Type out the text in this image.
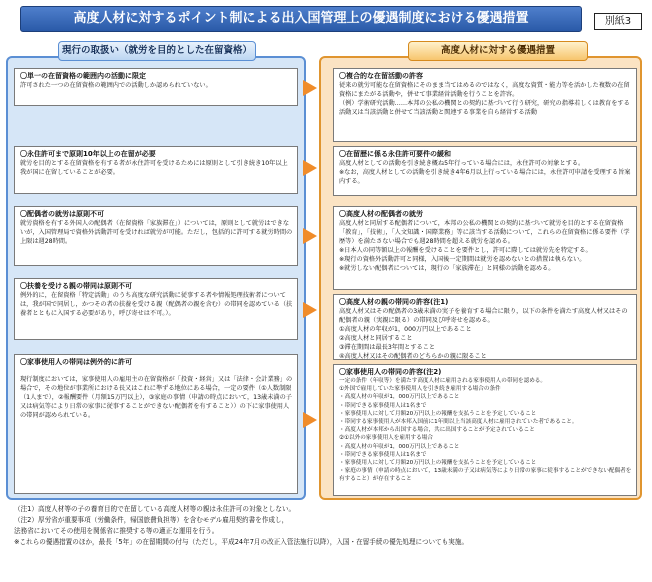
高度人材に対するポイント制による出入国管理上の優遇制度における優遇措置	別紙3
現行の取扱い（就労を目的とした在留資格）
〇単一の在留資格の範囲内の活動に限定
許可された一つの在留資格の範囲内での活動しか認められていない。
〇永住許可まで原則10年以上の在留が必要
就労を目的とする在留資格を有する者が永住許可を受けるためには原則として引き続き10年以上我が国に在留していることが必要。
〇配偶者の就労は原則不可
就労資格を有する外国人の配偶者（在留資格「家族滞在」）については，原則として就労はできないが，入国管理局で資格外活動許可を受ければ就労が可能。ただし，包括的に許可する就労時間の上限は週28時間。
〇扶養を受ける親の帯同は原則不可
例外的に，在留資格「特定活動」のうち高度な研究活動に従事する者や情報処理技術者については，我が国で同居し，かつその者の扶養を受ける親（配偶者の親を含む）の帯同を認めている（扶養者とともに入国する必要があり，呼び寄せは不可。）。
〇家事使用人の帯同は例外的に許可
現行制度においては，家事使用人の雇用主の在留資格が「投資・経営」又は「法律・会計業務」の場合で，その地位が事業所における長又はこれに準ずる地位にある場合，一定の要件（①人数制限（1人まで），②報酬要件（月額15万円以上），③家庭の事情（申請の時点において，13歳未満の子又は病気等により日常の家事に従事することができない配偶者を有すること））の下に家事使用人の帯同が認められている。
高度人材に対する優遇措置
〇複合的な在留活動の許容
従来の就労可能な在留資格にそのまま当てはめるのではなく，高度な資質・能力等を活かした複数の在留資格にまたがる活動や，併せて事業経営活動を行うことを許容。
（例）学術研究活動……本邦の公私の機関との契約に基づいて行う研究，研究の指導若しくは教育をする活動又は当該活動と併せて当該活動と関連する事業を自ら経営する活動
〇在留歴に係る永住許可要件の緩和
高度人材としての活動を引き続き概ね5年行っている場合には，永住許可の対象とする。
※なお，高度人材としての活動を引き続き4年6月以上行っている場合には，永住許可申請を受理する旨案内する。
〇高度人材の配偶者の就労
高度人材と同居する配偶者について，本邦の公私の機関との契約に基づいて就労を目的とする在留資格「教育」，「技術」，「人文知識・国際業務」等に該当する活動について，これらの在留資格に係る要件（学歴等）を満たさない場合でも週28時間を超える就労を認める。
※日本人の同等額以上の報酬を受けることを要件とし，許可に際しては就労先を特定する。
※現行の資格外活動許可と同様，入国後一定期間は就労を認めないとの措置は執らない。
※就労しない配偶者については，現行の「家族滞在」と同様の活動を認める。
〇高度人材の親の帯同の許容(注1)
高度人材又はその配偶者の3歳未満の実子を養育する場合に限り，以下の条件を満たす高度人材又はその配偶者の親（実親に限る）の帯同及び呼寄せを認める。
①高度人材の年収が1，000万円以上であること
②高度人材と同居すること
③滞在期間は最長3年間とすること
④高度人材又はその配偶者のどちらかの親に限ること
〇家事使用人の帯同の許容(注2)
一定の条件（年収等）を満たす高度人材に雇用される家事使用人の帯同を認める。
①外国で雇用していた家事使用人を引き続き雇用する場合の条件
・高度人材の年収が1，000万円以上であること
・帯同できる家事使用人は1名まで
・家事使用人に対して月額20万円以上の報酬を支払うことを予定していること
・帯同する家事使用人が本邦入国前に1年間以上当該高度人材に雇用されていた者であること。
・高度人材が本邦から出国する場合，共に出国することが予定されていること
②①以外の家事使用人を雇用する場合
・高度人材の年収が1，000万円以上であること
・帯同できる家事使用人は1名まで
・家事使用人に対して月額20万円以上の報酬を支払うことを予定していること
・家庭の事情（申請の時点において，13歳未満の子又は病気等により日常の家事に従事することができない配偶者を有すること）が存在すること
（注1）高度人材等の子の養育目的で在留している高度人材等の親は永住許可の対象としない。
（注2）厚労省が重要事項（労働条件，帰国旅費負担等）を含むモデル雇用契約書を作成し，
法務省においてその使用を関係省に推奨する等の適正な運用を行う。
※これらの優遇措置のほか，最長「5年」の在留期間の付与（ただし，平成24年7月の改正入管法施行以降），入国・在留手続の優先処理についても実施。
